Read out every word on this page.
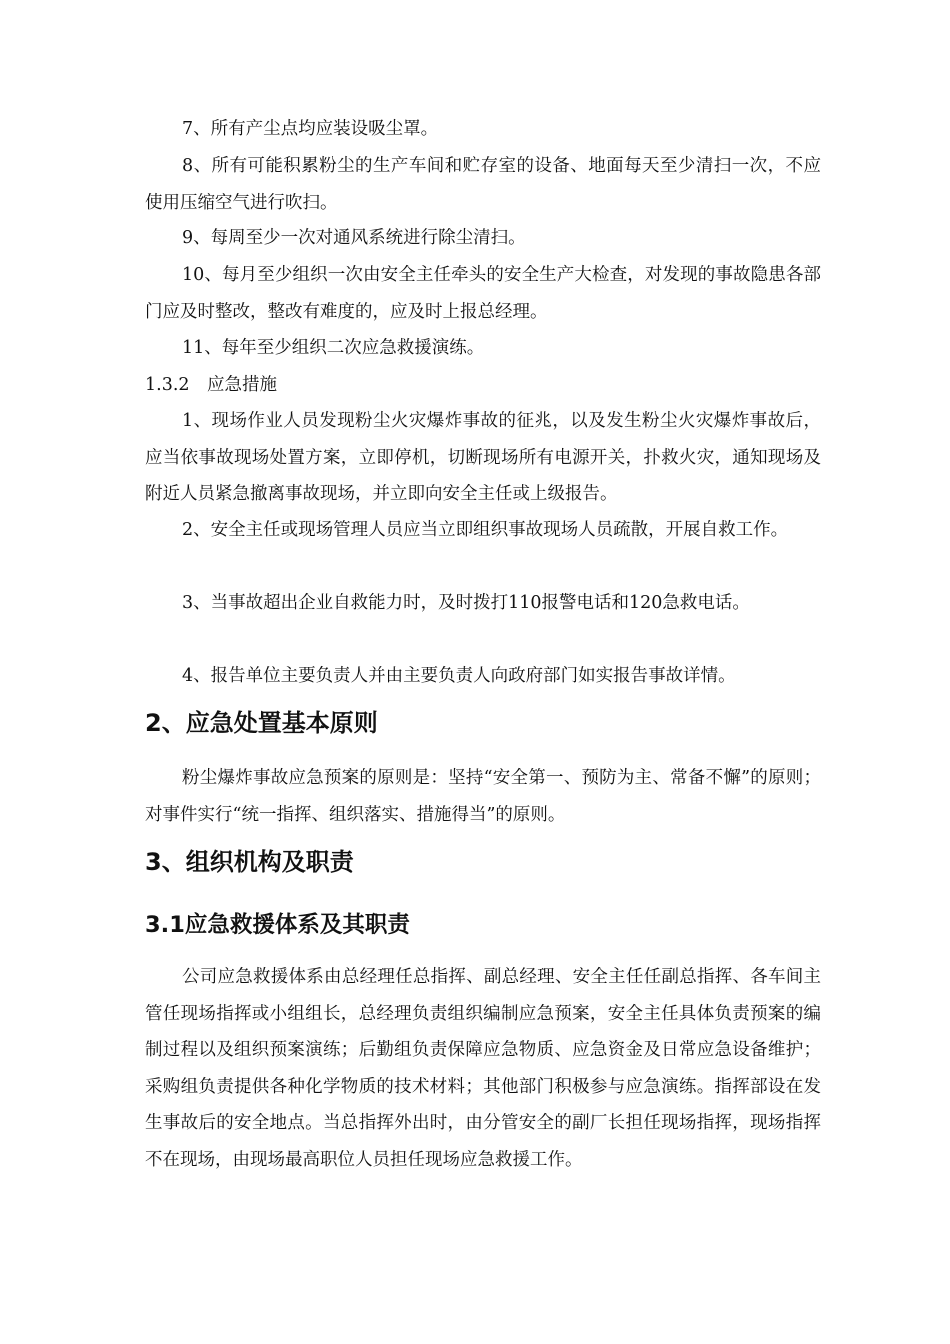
7、所有产尘点均应装设吸尘罩。
8、所有可能积累粉尘的生产车间和贮存室的设备、地面每天至少清扫一次，不应使用压缩空气进行吹扫。
9、每周至少一次对通风系统进行除尘清扫。
10、每月至少组织一次由安全主任牵头的安全生产大检查，对发现的事故隐患各部门应及时整改，整改有难度的，应及时上报总经理。
11、每年至少组织二次应急救援演练。
1.3.2　应急措施
1、现场作业人员发现粉尘火灾爆炸事故的征兆，以及发生粉尘火灾爆炸事故后，应当依事故现场处置方案，立即停机，切断现场所有电源开关，扑救火灾，通知现场及附近人员紧急撤离事故现场，并立即向安全主任或上级报告。
2、安全主任或现场管理人员应当立即组织事故现场人员疏散，开展自救工作。
3、当事故超出企业自救能力时，及时拨打110报警电话和120急救电话。
4、报告单位主要负责人并由主要负责人向政府部门如实报告事故详情。
2、应急处置基本原则
粉尘爆炸事故应急预案的原则是：坚持“安全第一、预防为主、常备不懈”的原则；对事件实行“统一指挥、组织落实、措施得当”的原则。
3、组织机构及职责
3.1应急救援体系及其职责
公司应急救援体系由总经理任总指挥、副总经理、安全主任任副总指挥、各车间主管任现场指挥或小组组长，总经理负责组织编制应急预案，安全主任具体负责预案的编制过程以及组织预案演练；后勤组负责保障应急物质、应急资金及日常应急设备维护；采购组负责提供各种化学物质的技术材料；其他部门积极参与应急演练。指挥部设在发生事故后的安全地点。当总指挥外出时，由分管安全的副厂长担任现场指挥，现场指挥不在现场，由现场最高职位人员担任现场应急救援工作。
